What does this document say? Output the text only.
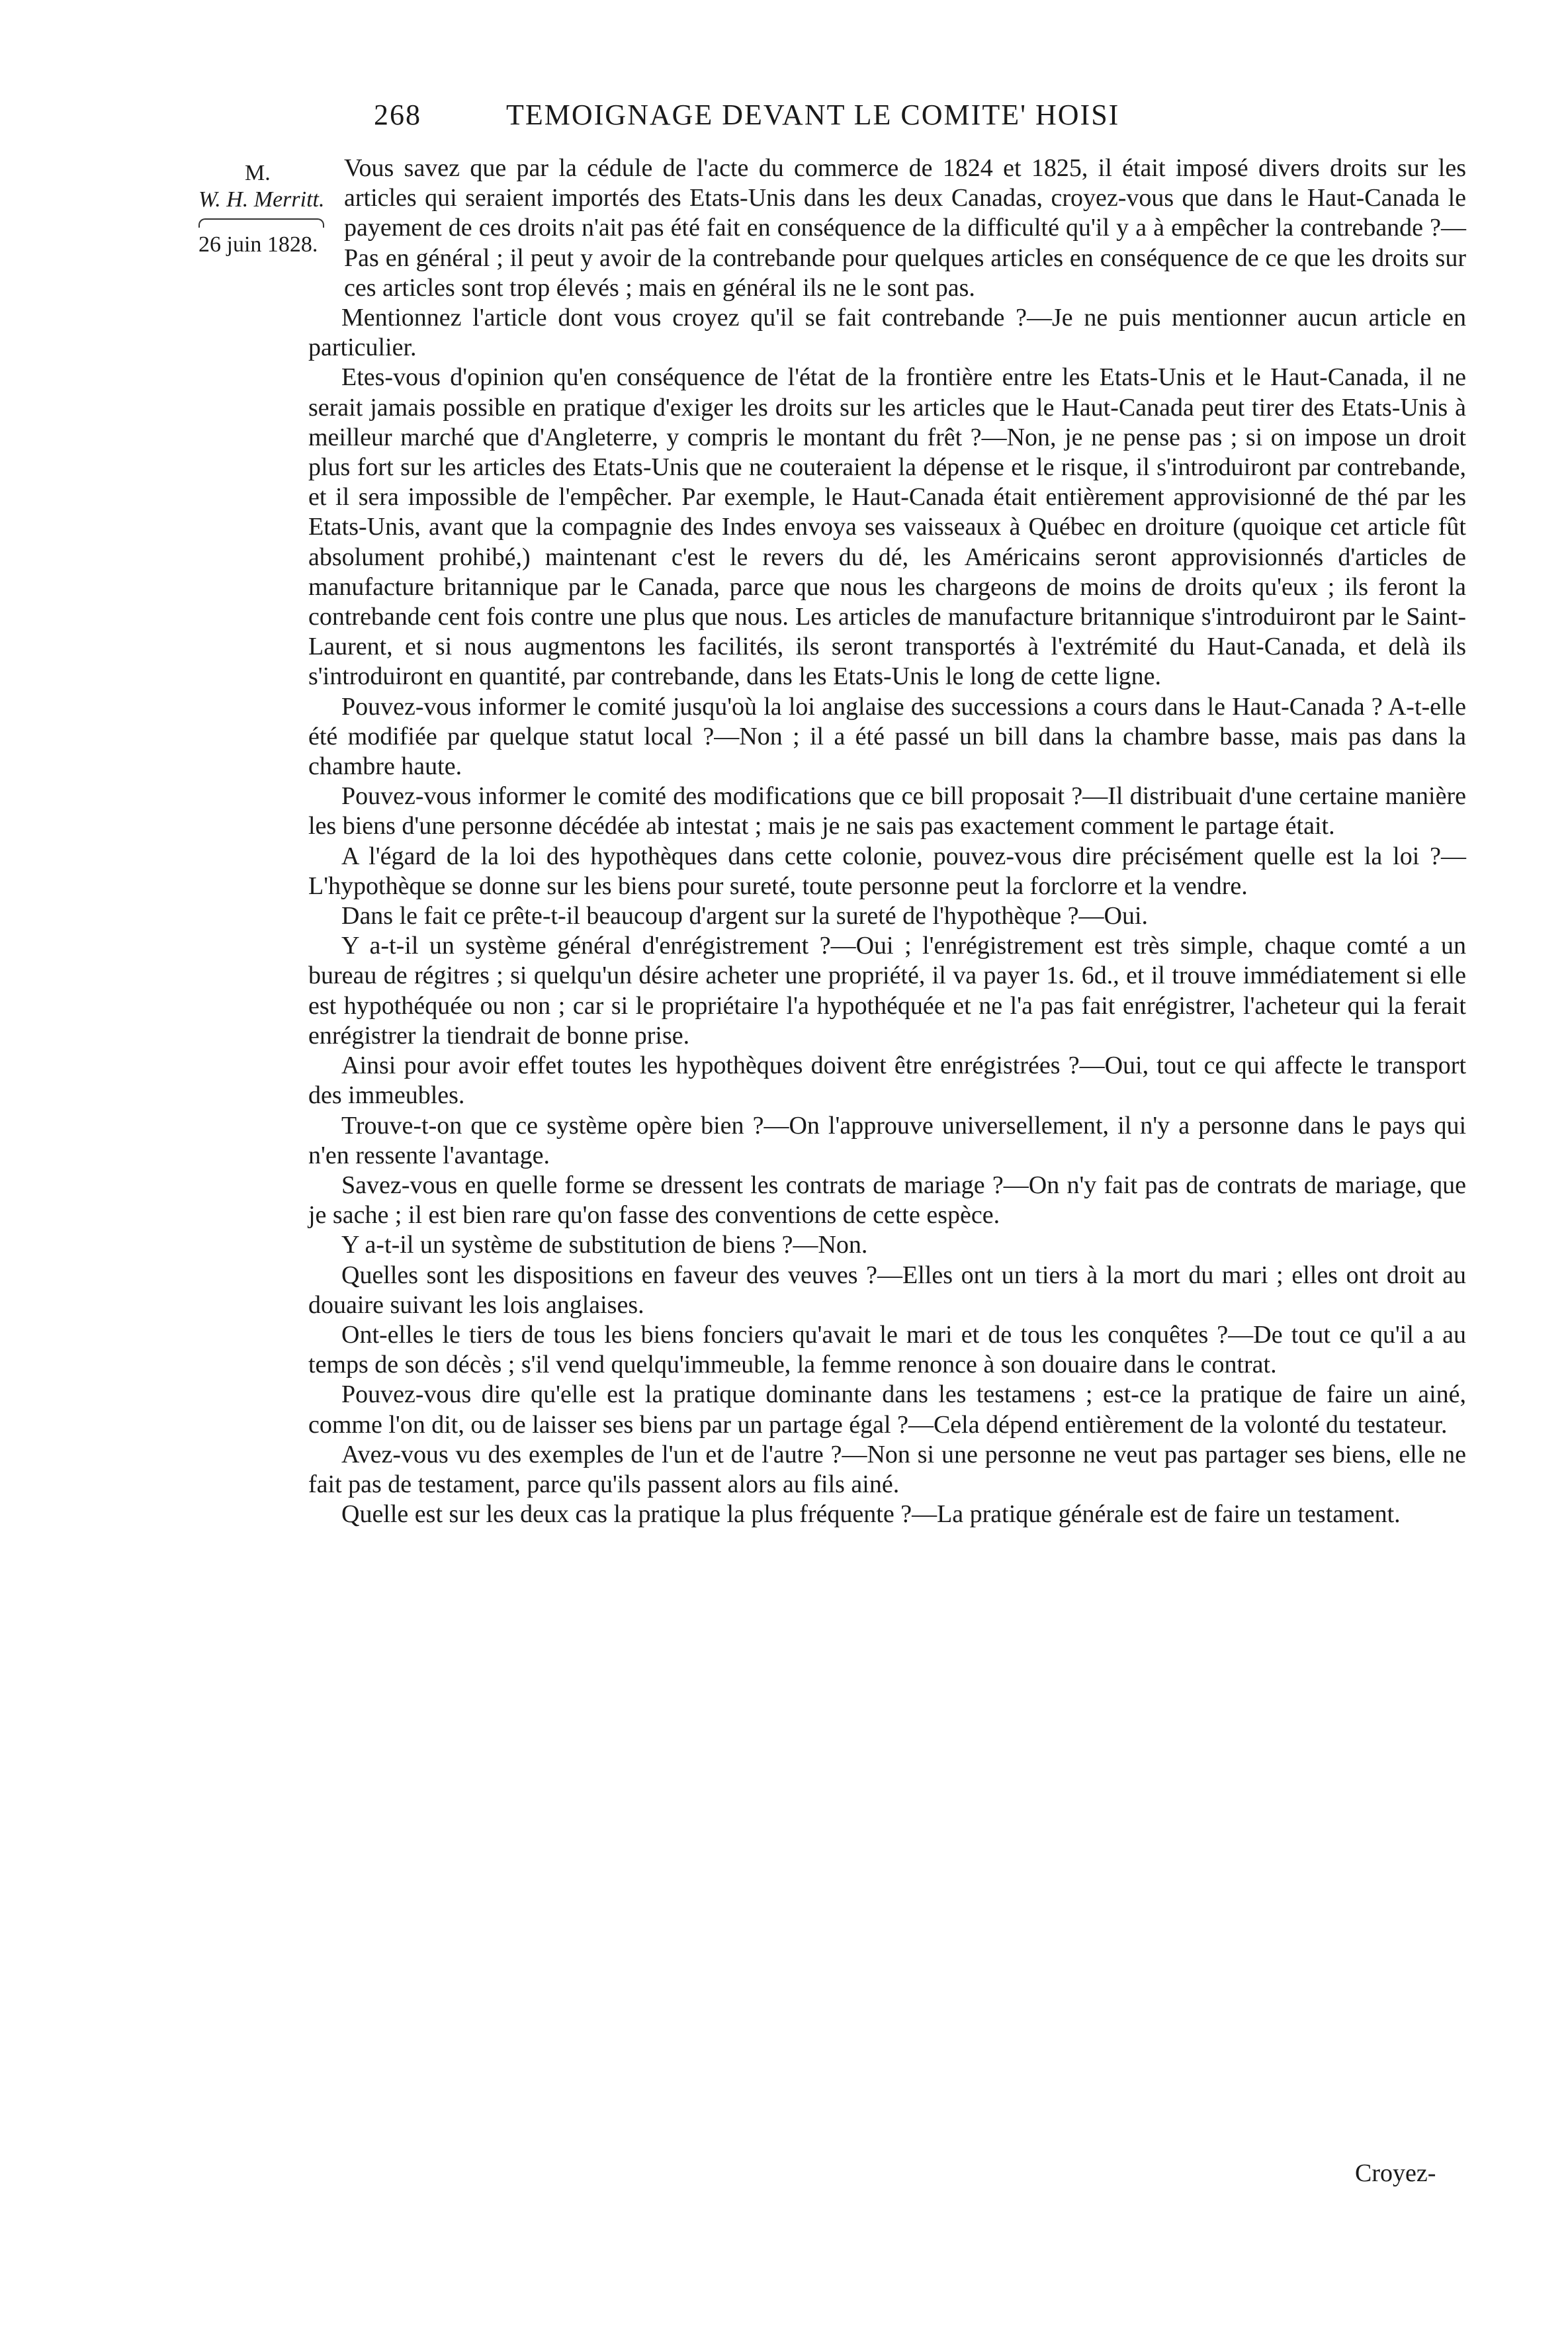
268	TEMOIGNAGE DEVANT LE COMITE' HOISI
M.
W. H. Merritt.
26 juin 1828.

Vous savez que par la cédule de l'acte du commerce de 1824 et 1825, il était imposé divers droits sur les articles qui seraient importés des Etats-Unis dans les deux Canadas, croyez-vous que dans le Haut-Canada le payement de ces droits n'ait pas été fait en conséquence de la difficulté qu'il y a à empêcher la contrebande ?—Pas en général ; il peut y avoir de la contrebande pour quelques articles en conséquence de ce que les droits sur ces articles sont trop élevés ; mais en général ils ne le sont pas.

Mentionnez l'article dont vous croyez qu'il se fait contrebande ?—Je ne puis mentionner aucun article en particulier.

Etes-vous d'opinion qu'en conséquence de l'état de la frontière entre les Etats-Unis et le Haut-Canada, il ne serait jamais possible en pratique d'exiger les droits sur les articles que le Haut-Canada peut tirer des Etats-Unis à meilleur marché que d'Angleterre, y compris le montant du frêt ?—Non, je ne pense pas ; si on impose un droit plus fort sur les articles des Etats-Unis que ne couteraient la dépense et le risque, il s'introduiront par contrebande, et il sera impossible de l'empêcher. Par exemple, le Haut-Canada était entièrement approvisionné de thé par les Etats-Unis, avant que la compagnie des Indes envoya ses vaisseaux à Québec en droiture (quoique cet article fût absolument prohibé,) maintenant c'est le revers du dé, les Américains seront approvisionnés d'articles de manufacture britannique par le Canada, parce que nous les chargeons de moins de droits qu'eux ; ils feront la contrebande cent fois contre une plus que nous. Les articles de manufacture britannique s'introduiront par le Saint-Laurent, et si nous augmentons les facilités, ils seront transportés à l'extrémité du Haut-Canada, et delà ils s'introduiront en quantité, par contrebande, dans les Etats-Unis le long de cette ligne.

Pouvez-vous informer le comité jusqu'où la loi anglaise des successions a cours dans le Haut-Canada ? A-t-elle été modifiée par quelque statut local ?—Non ; il a été passé un bill dans la chambre basse, mais pas dans la chambre haute.

Pouvez-vous informer le comité des modifications que ce bill proposait ?—Il distribuait d'une certaine manière les biens d'une personne décédée ab intestat ; mais je ne sais pas exactement comment le partage était.

A l'égard de la loi des hypothèques dans cette colonie, pouvez-vous dire précisément quelle est la loi ?—L'hypothèque se donne sur les biens pour sureté, toute personne peut la forclorre et la vendre.

Dans le fait ce prête-t-il beaucoup d'argent sur la sureté de l'hypothèque ?—Oui.

Y a-t-il un système général d'enrégistrement ?—Oui ; l'enrégistrement est très simple, chaque comté a un bureau de régitres ; si quelqu'un désire acheter une propriété, il va payer 1s. 6d., et il trouve immédiatement si elle est hypothéquée ou non ; car si le propriétaire l'a hypothéquée et ne l'a pas fait enrégistrer, l'acheteur qui la ferait enrégistrer la tiendrait de bonne prise.

Ainsi pour avoir effet toutes les hypothèques doivent être enrégistrées ?—Oui, tout ce qui affecte le transport des immeubles.

Trouve-t-on que ce système opère bien ?—On l'approuve universellement, il n'y a personne dans le pays qui n'en ressente l'avantage.

Savez-vous en quelle forme se dressent les contrats de mariage ?—On n'y fait pas de contrats de mariage, que je sache ; il est bien rare qu'on fasse des conventions de cette espèce.

Y a-t-il un système de substitution de biens ?—Non.

Quelles sont les dispositions en faveur des veuves ?—Elles ont un tiers à la mort du mari ; elles ont droit au douaire suivant les lois anglaises.

Ont-elles le tiers de tous les biens fonciers qu'avait le mari et de tous les conquêtes ?—De tout ce qu'il a au temps de son décès ; s'il vend quelqu'immeuble, la femme renonce à son douaire dans le contrat.

Pouvez-vous dire qu'elle est la pratique dominante dans les testamens ; est-ce la pratique de faire un ainé, comme l'on dit, ou de laisser ses biens par un partage égal ?—Cela dépend entièrement de la volonté du testateur.

Avez-vous vu des exemples de l'un et de l'autre ?—Non si une personne ne veut pas partager ses biens, elle ne fait pas de testament, parce qu'ils passent alors au fils ainé.

Quelle est sur les deux cas la pratique la plus fréquente ?—La pratique générale est de faire un testament.

Croyez-
